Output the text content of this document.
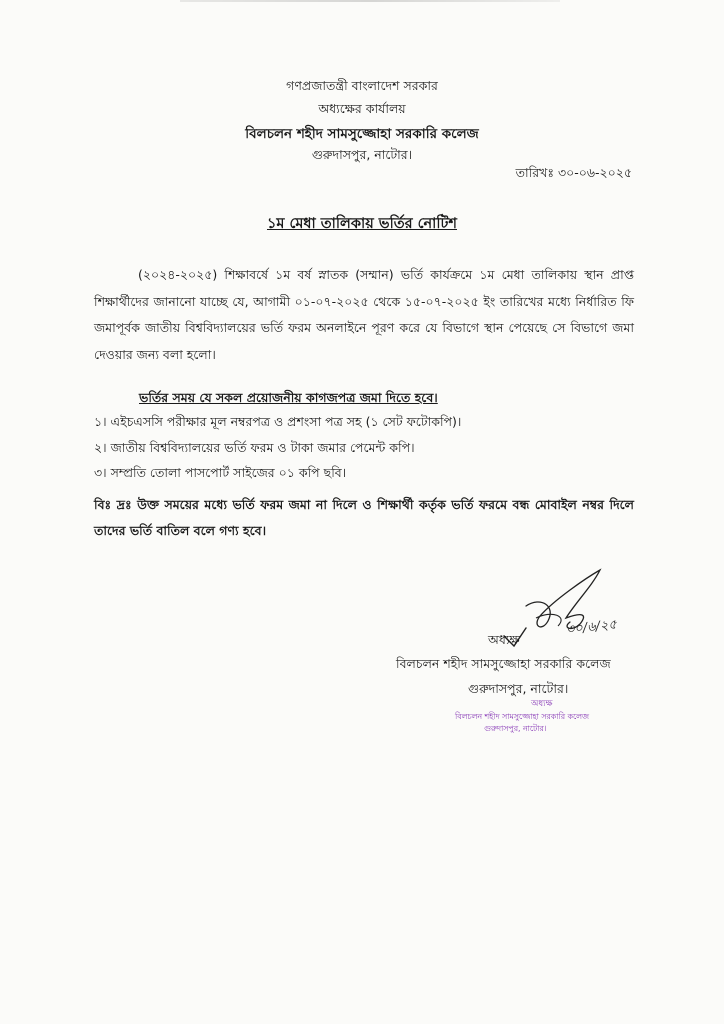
গণপ্রজাতন্ত্রী বাংলাদেশ সরকার
অধ্যক্ষের কার্যালয়
বিলচলন শহীদ সামসুজ্জোহা সরকারি কলেজ
গুরুদাসপুর, নাটোর।
তারিখঃ ৩০-০৬-২০২৫
১ম মেধা তালিকায় ভর্তির নোটিশ
(২০২৪-২০২৫) শিক্ষাবর্ষে ১ম বর্ষ স্নাতক (সম্মান) ভর্তি কার্যক্রমে ১ম মেধা তালিকায় স্থান প্রাপ্ত শিক্ষার্থীদের জানানো যাচ্ছে যে, আগামী ০১-০৭-২০২৫ থেকে ১৫-০৭-২০২৫ ইং তারিখের মধ্যে নির্ধারিত ফি জমাপূর্বক জাতীয় বিশ্ববিদ্যালয়ের ভর্তি ফরম অনলাইনে পূরণ করে যে বিভাগে স্থান পেয়েছে সে বিভাগে জমা দেওয়ার জন্য বলা হলো।
ভর্তির সময় যে সকল প্রয়োজনীয় কাগজপত্র জমা দিতে হবে।
১। এইচএসসি পরীক্ষার মূল নম্বরপত্র ও প্রশংসা পত্র সহ (১ সেট ফটোকপি)।
২। জাতীয় বিশ্ববিদ্যালয়ের ভর্তি ফরম ও টাকা জমার পেমেন্ট কপি।
৩। সম্প্রতি তোলা পাসপোর্ট সাইজের ০১ কপি ছবি।
বিঃ দ্রঃ উক্ত সময়ের মধ্যে ভর্তি ফরম জমা না দিলে ও শিক্ষার্থী কর্তৃক ভর্তি ফরমে বন্ধ মোবাইল নম্বর দিলে তাদের ভর্তি বাতিল বলে গণ্য হবে।
৩০/৬/২৫
অধ্যক্ষ
বিলচলন শহীদ সামসুজ্জোহা সরকারি কলেজ
গুরুদাসপুর, নাটোর।
অধ্যক্ষ
বিলচলন শহীদ সামসুজ্জোহা সরকারি কলেজ
গুরুদাসপুর, নাটোর।
